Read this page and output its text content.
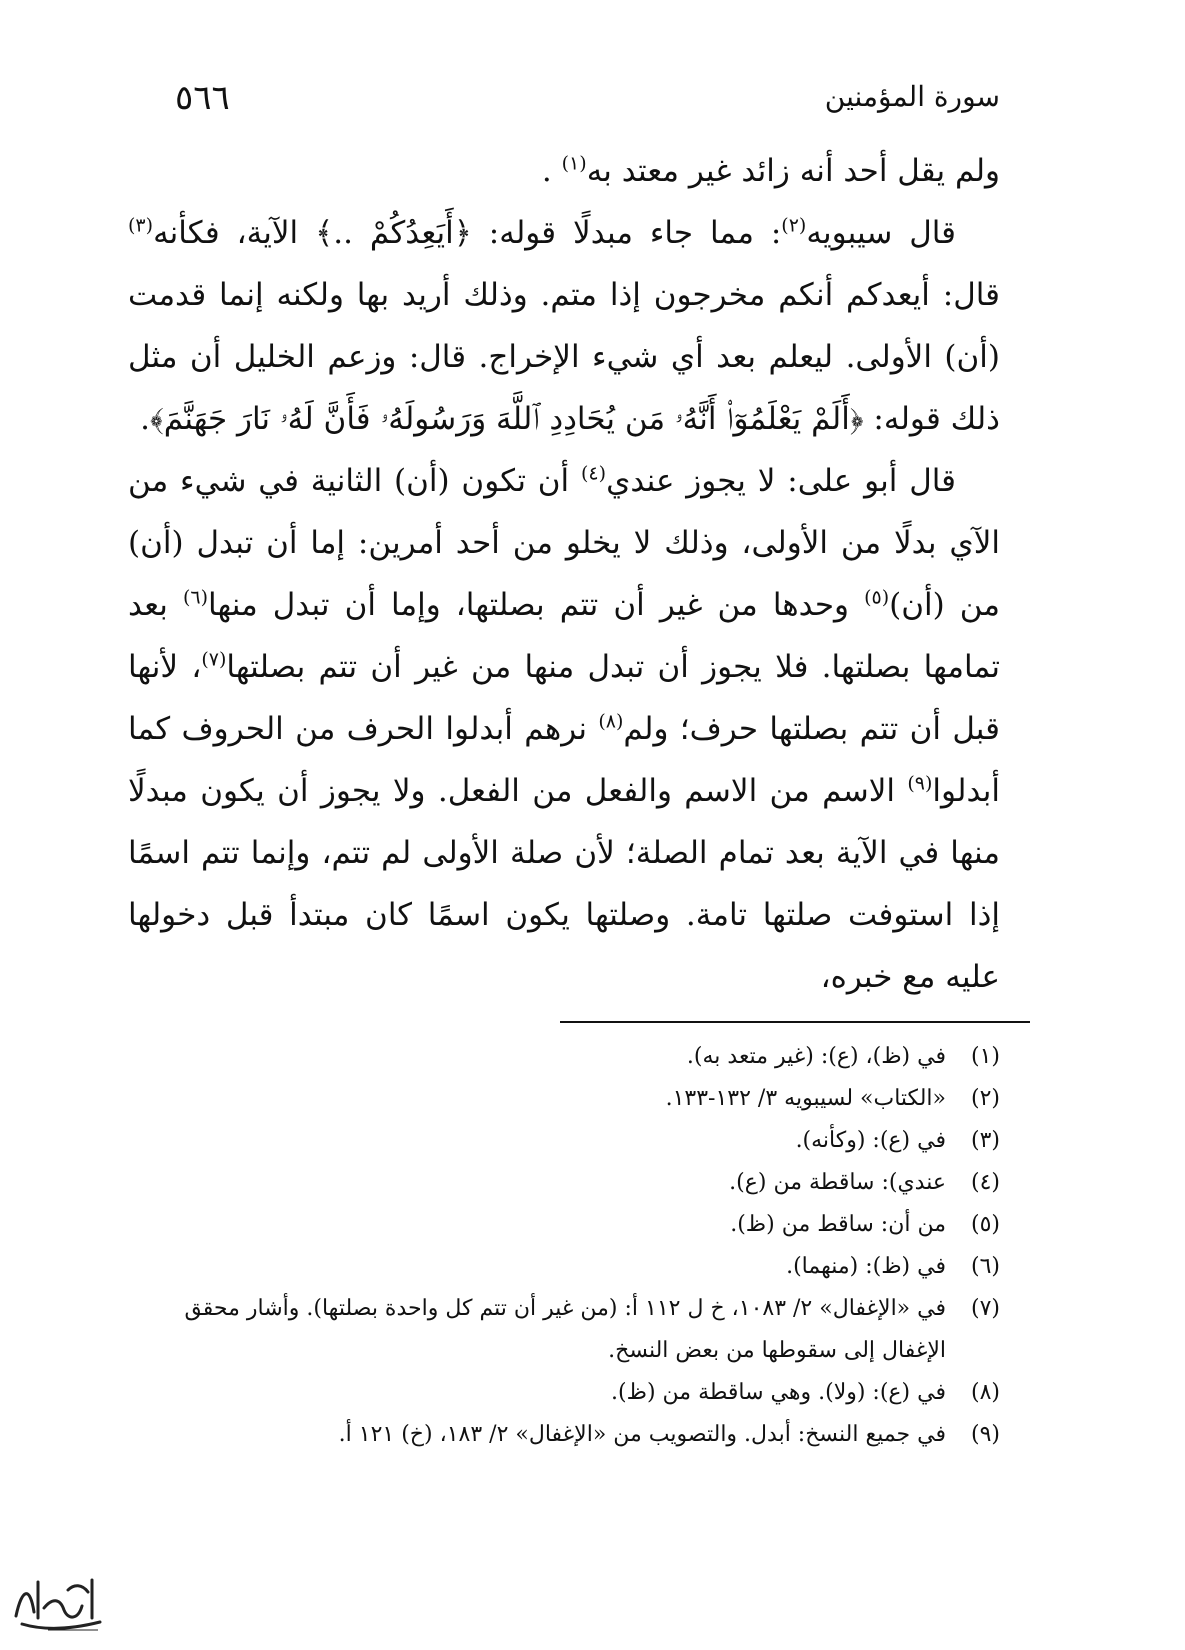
٥٦٦	سورة المؤمنين

ولم يقل أحد أنه زائد غير معتد به$^{(١)}$ .

قال سيبويه$^{(٢)}$: مما جاء مبدلًا قوله: ﴿أَيَعِدُكُمْ ..﴾ الآية، فكأنه$^{(٣)}$ قال: أيعدكم أنكم مخرجون إذا متم. وذلك أريد بها ولكنه إنما قدمت (أن) الأولى. ليعلم بعد أي شيء الإخراج. قال: وزعم الخليل أن مثل ذلك قوله: ﴿أَلَمْ يَعْلَمُوٓا۟ أَنَّهُۥ مَن يُحَادِدِ ٱللَّهَ وَرَسُولَهُۥ فَأَنَّ لَهُۥ نَارَ جَهَنَّمَ﴾.

قال أبو على: لا يجوز عندي$^{(٤)}$ أن تكون (أن) الثانية في شيء من الآي بدلًا من الأولى، وذلك لا يخلو من أحد أمرين: إما أن تبدل (أن) من (أن)$^{(٥)}$ وحدها من غير أن تتم بصلتها، وإما أن تبدل منها$^{(٦)}$ بعد تمامها بصلتها. فلا يجوز أن تبدل منها من غير أن تتم بصلتها$^{(٧)}$، لأنها قبل أن تتم بصلتها حرف؛ ولم$^{(٨)}$ نرهم أبدلوا الحرف من الحروف كما أبدلوا$^{(٩)}$ الاسم من الاسم والفعل من الفعل. ولا يجوز أن يكون مبدلًا منها في الآية بعد تمام الصلة؛ لأن صلة الأولى لم تتم، وإنما تتم اسمًا إذا استوفت صلتها تامة. وصلتها يكون اسمًا كان مبتدأ قبل دخولها عليه مع خبره،

(١)
في (ظ)، (ع): (غير متعد به).
(٢)
«الكتاب» لسيبويه ٣/ ١٣٢-١٣٣.
(٣)
في (ع): (وكأنه).
(٤)
عندي): ساقطة من (ع).
(٥)
من أن: ساقط من (ظ).
(٦)
في (ظ): (منهما).
(٧)
في «الإغفال» ٢/ ١٠٨٣، خ ل ١١٢ أ: (من غير أن تتم كل واحدة بصلتها). وأشار محقق الإغفال إلى سقوطها من بعض النسخ.
(٨)
في (ع): (ولا). وهي ساقطة من (ظ).
(٩)
في جميع النسخ: أبدل. والتصويب من «الإغفال» ٢/ ١٨٣، (خ) ١٢١ أ.
